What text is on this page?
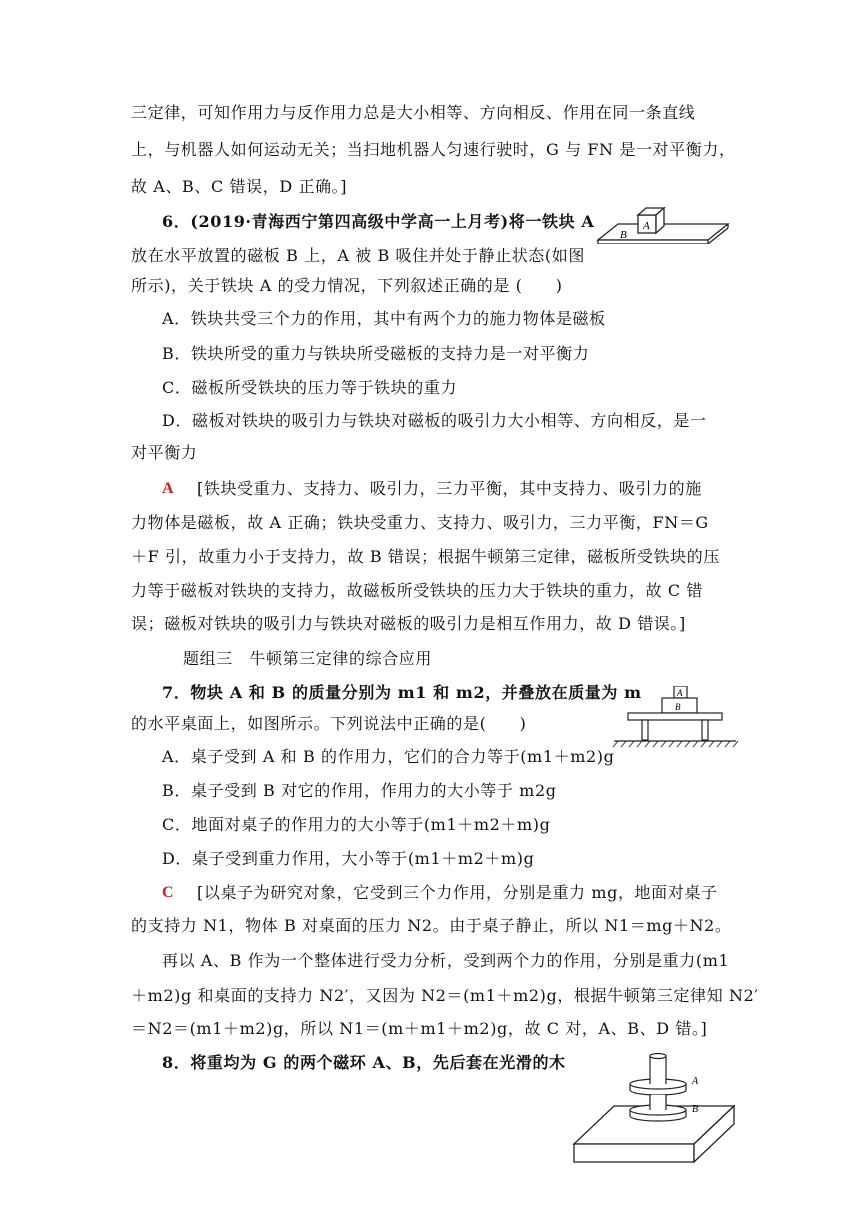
三定律，可知作用力与反作用力总是大小相等、方向相反、作用在同一条直线
上，与机器人如何运动无关；当扫地机器人匀速行驶时，G 与 FN 是一对平衡力，
故 A、B、C 错误，D 正确。]
6．(2019·青海西宁第四高级中学高一上月考)将一铁块 A
放在水平放置的磁板 B 上，A 被 B 吸住并处于静止状态(如图
所示)，关于铁块 A 的受力情况，下列叙述正确的是 (　　)
A．铁块共受三个力的作用，其中有两个力的施力物体是磁板
B．铁块所受的重力与铁块所受磁板的支持力是一对平衡力
C．磁板所受铁块的压力等于铁块的重力
D．磁板对铁块的吸引力与铁块对磁板的吸引力大小相等、方向相反，是一
对平衡力
A [铁块受重力、支持力、吸引力，三力平衡，其中支持力、吸引力的施
力物体是磁板，故 A 正确；铁块受重力、支持力、吸引力，三力平衡，FN＝G
＋F 引，故重力小于支持力，故 B 错误；根据牛顿第三定律，磁板所受铁块的压
力等于磁板对铁块的支持力，故磁板所受铁块的压力大于铁块的重力，故 C 错
误；磁板对铁块的吸引力与铁块对磁板的吸引力是相互作用力，故 D 错误。]
题组三　牛顿第三定律的综合应用
7．物块 A 和 B 的质量分别为 m1 和 m2，并叠放在质量为 m
的水平桌面上，如图所示。下列说法中正确的是(　　)
A．桌子受到 A 和 B 的作用力，它们的合力等于(m1＋m2)g
B．桌子受到 B 对它的作用，作用力的大小等于 m2g
C．地面对桌子的作用力的大小等于(m1＋m2＋m)g
D．桌子受到重力作用，大小等于(m1＋m2＋m)g
C [以桌子为研究对象，它受到三个力作用，分别是重力 mg，地面对桌子
的支持力 N1，物体 B 对桌面的压力 N2。由于桌子静止，所以 N1＝mg＋N2。
再以 A、B 作为一个整体进行受力分析，受到两个力的作用，分别是重力(m1
＋m2)g 和桌面的支持力 N2′，又因为 N2＝(m1＋m2)g，根据牛顿第三定律知 N2′
＝N2＝(m1＋m2)g，所以 N1＝(m＋m1＋m2)g，故 C 对，A、B、D 错。]
8．将重均为 G 的两个磁环 A、B，先后套在光滑的木
A
B
A
B
A
B
